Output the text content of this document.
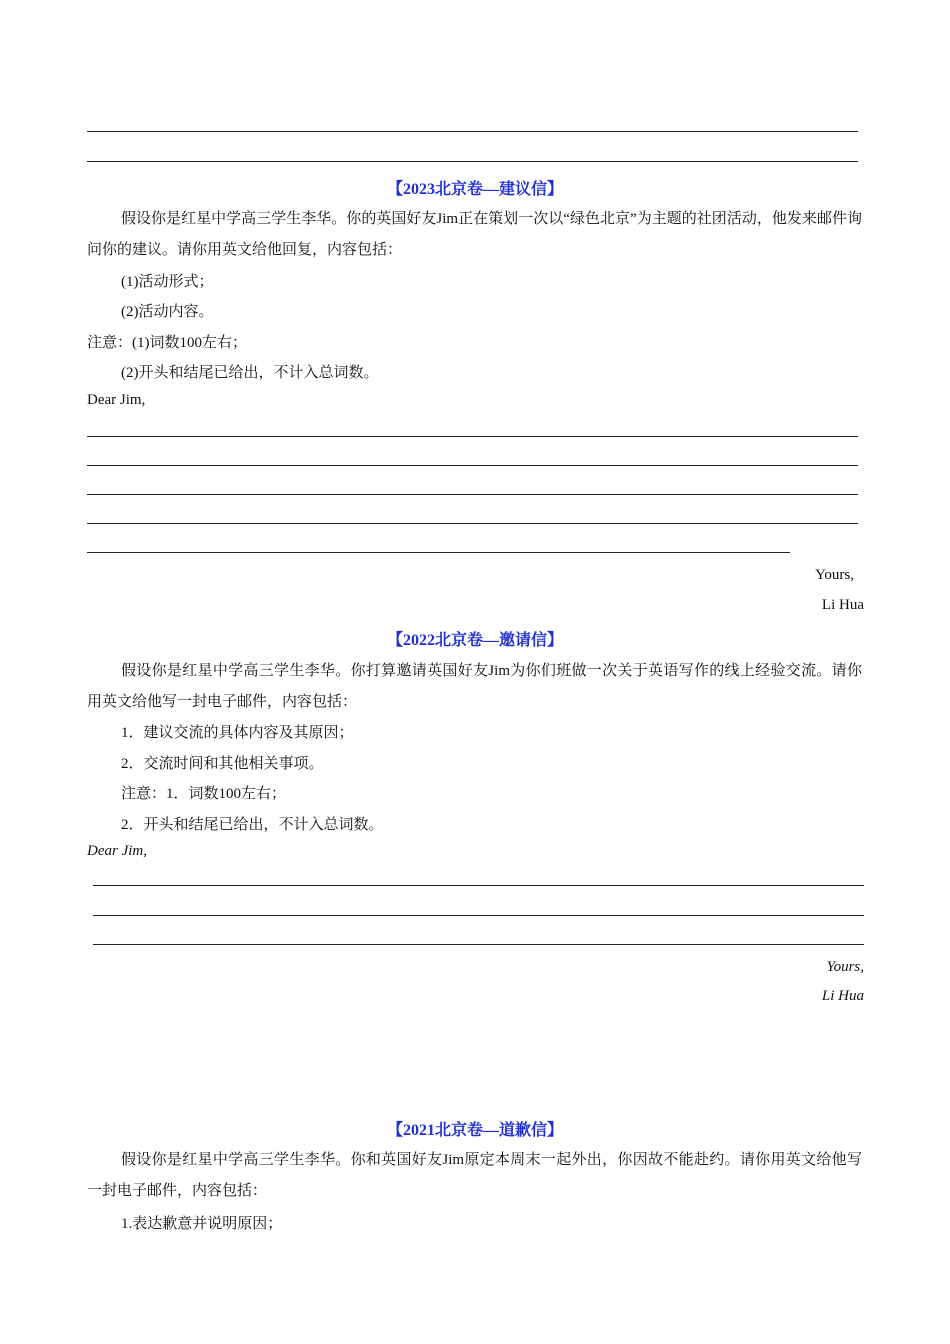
【2023北京卷—建议信】
假设你是红星中学高三学生李华。你的英国好友Jim正在策划一次以“绿色北京”为主题的社团活动，他发来邮件询问你的建议。请你用英文给他回复，内容包括：
(1)活动形式；
(2)活动内容。
注意：(1)词数100左右；
(2)开头和结尾已给出，不计入总词数。
Dear Jim,
Yours,
Li Hua
【2022北京卷—邀请信】
假设你是红星中学高三学生李华。你打算邀请英国好友Jim为你们班做一次关于英语写作的线上经验交流。请你用英文给他写一封电子邮件，内容包括：
1．建议交流的具体内容及其原因；
2．交流时间和其他相关事项。
注意：1．词数100左右；
2．开头和结尾已给出，不计入总词数。
Dear Jim,
Yours,
Li Hua
【2021北京卷—道歉信】
假设你是红星中学高三学生李华。你和英国好友Jim原定本周末一起外出，你因故不能赴约。请你用英文给他写一封电子邮件，内容包括：
1.表达歉意并说明原因；
